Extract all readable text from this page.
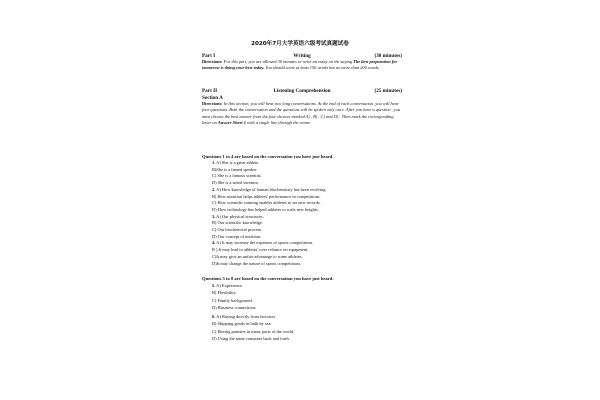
2020年7月大学英语六级考试真题试卷
Part I	Writing	(30 minutes)
Directions: For this part, you are allowed 30 minutes to write an essay on the saying The best preparation for tomorrow is doing your best today. You should write at least 150 words but no more than 200 words.
Part II	Listening Comprehension	(25 minutes)
Section A
Directions: In this section, you will hear two long conversations. At the end of each conversation ,you will hear four questions. Both the conversation and the questions will be spoken only once. After you hear a question , you must choose the best answer from the four choices marked A) , B) , C) and D) . Then mark the corresponding letter on Answer Sheet 1 with a single line through the centre.
Questions 1 to 4 are based on the conversation you have just heard.
1. A) She is a great athlete.
B)She is a famed speaker.
C) She is a famous scientist.
D) She is a noted inventor.
2. A) How knowledge of human biochemistry has been evolving.
B) How nutrition helps athletes' performance in competitions.
C) How scientific training enables athletes to set new records.
D) How technology has helped athletes to scale new heights.
3. A) Our physical structures.
B) Our scientific knowledge.
C) Our biochemical process.
D) Our concept of nutrition.
4. A) It may increase the expenses of sports competitions.
B ) It may lead to athletes' over reliance on equipment.
C)It may give an unfair advantage to some athletes.
D)It may change the nature of sports competitions.
Questions 5 to 8 are based on the conversation you have just heard.
5. A) Experience.
B) Flexibility.
C) Family background.
D) Business connections.
6. A) Buying directly from factories
B) Shipping goods in bulk by sea.
C) Having partners in many parts of the world.
D) Using the same container back and forth.
